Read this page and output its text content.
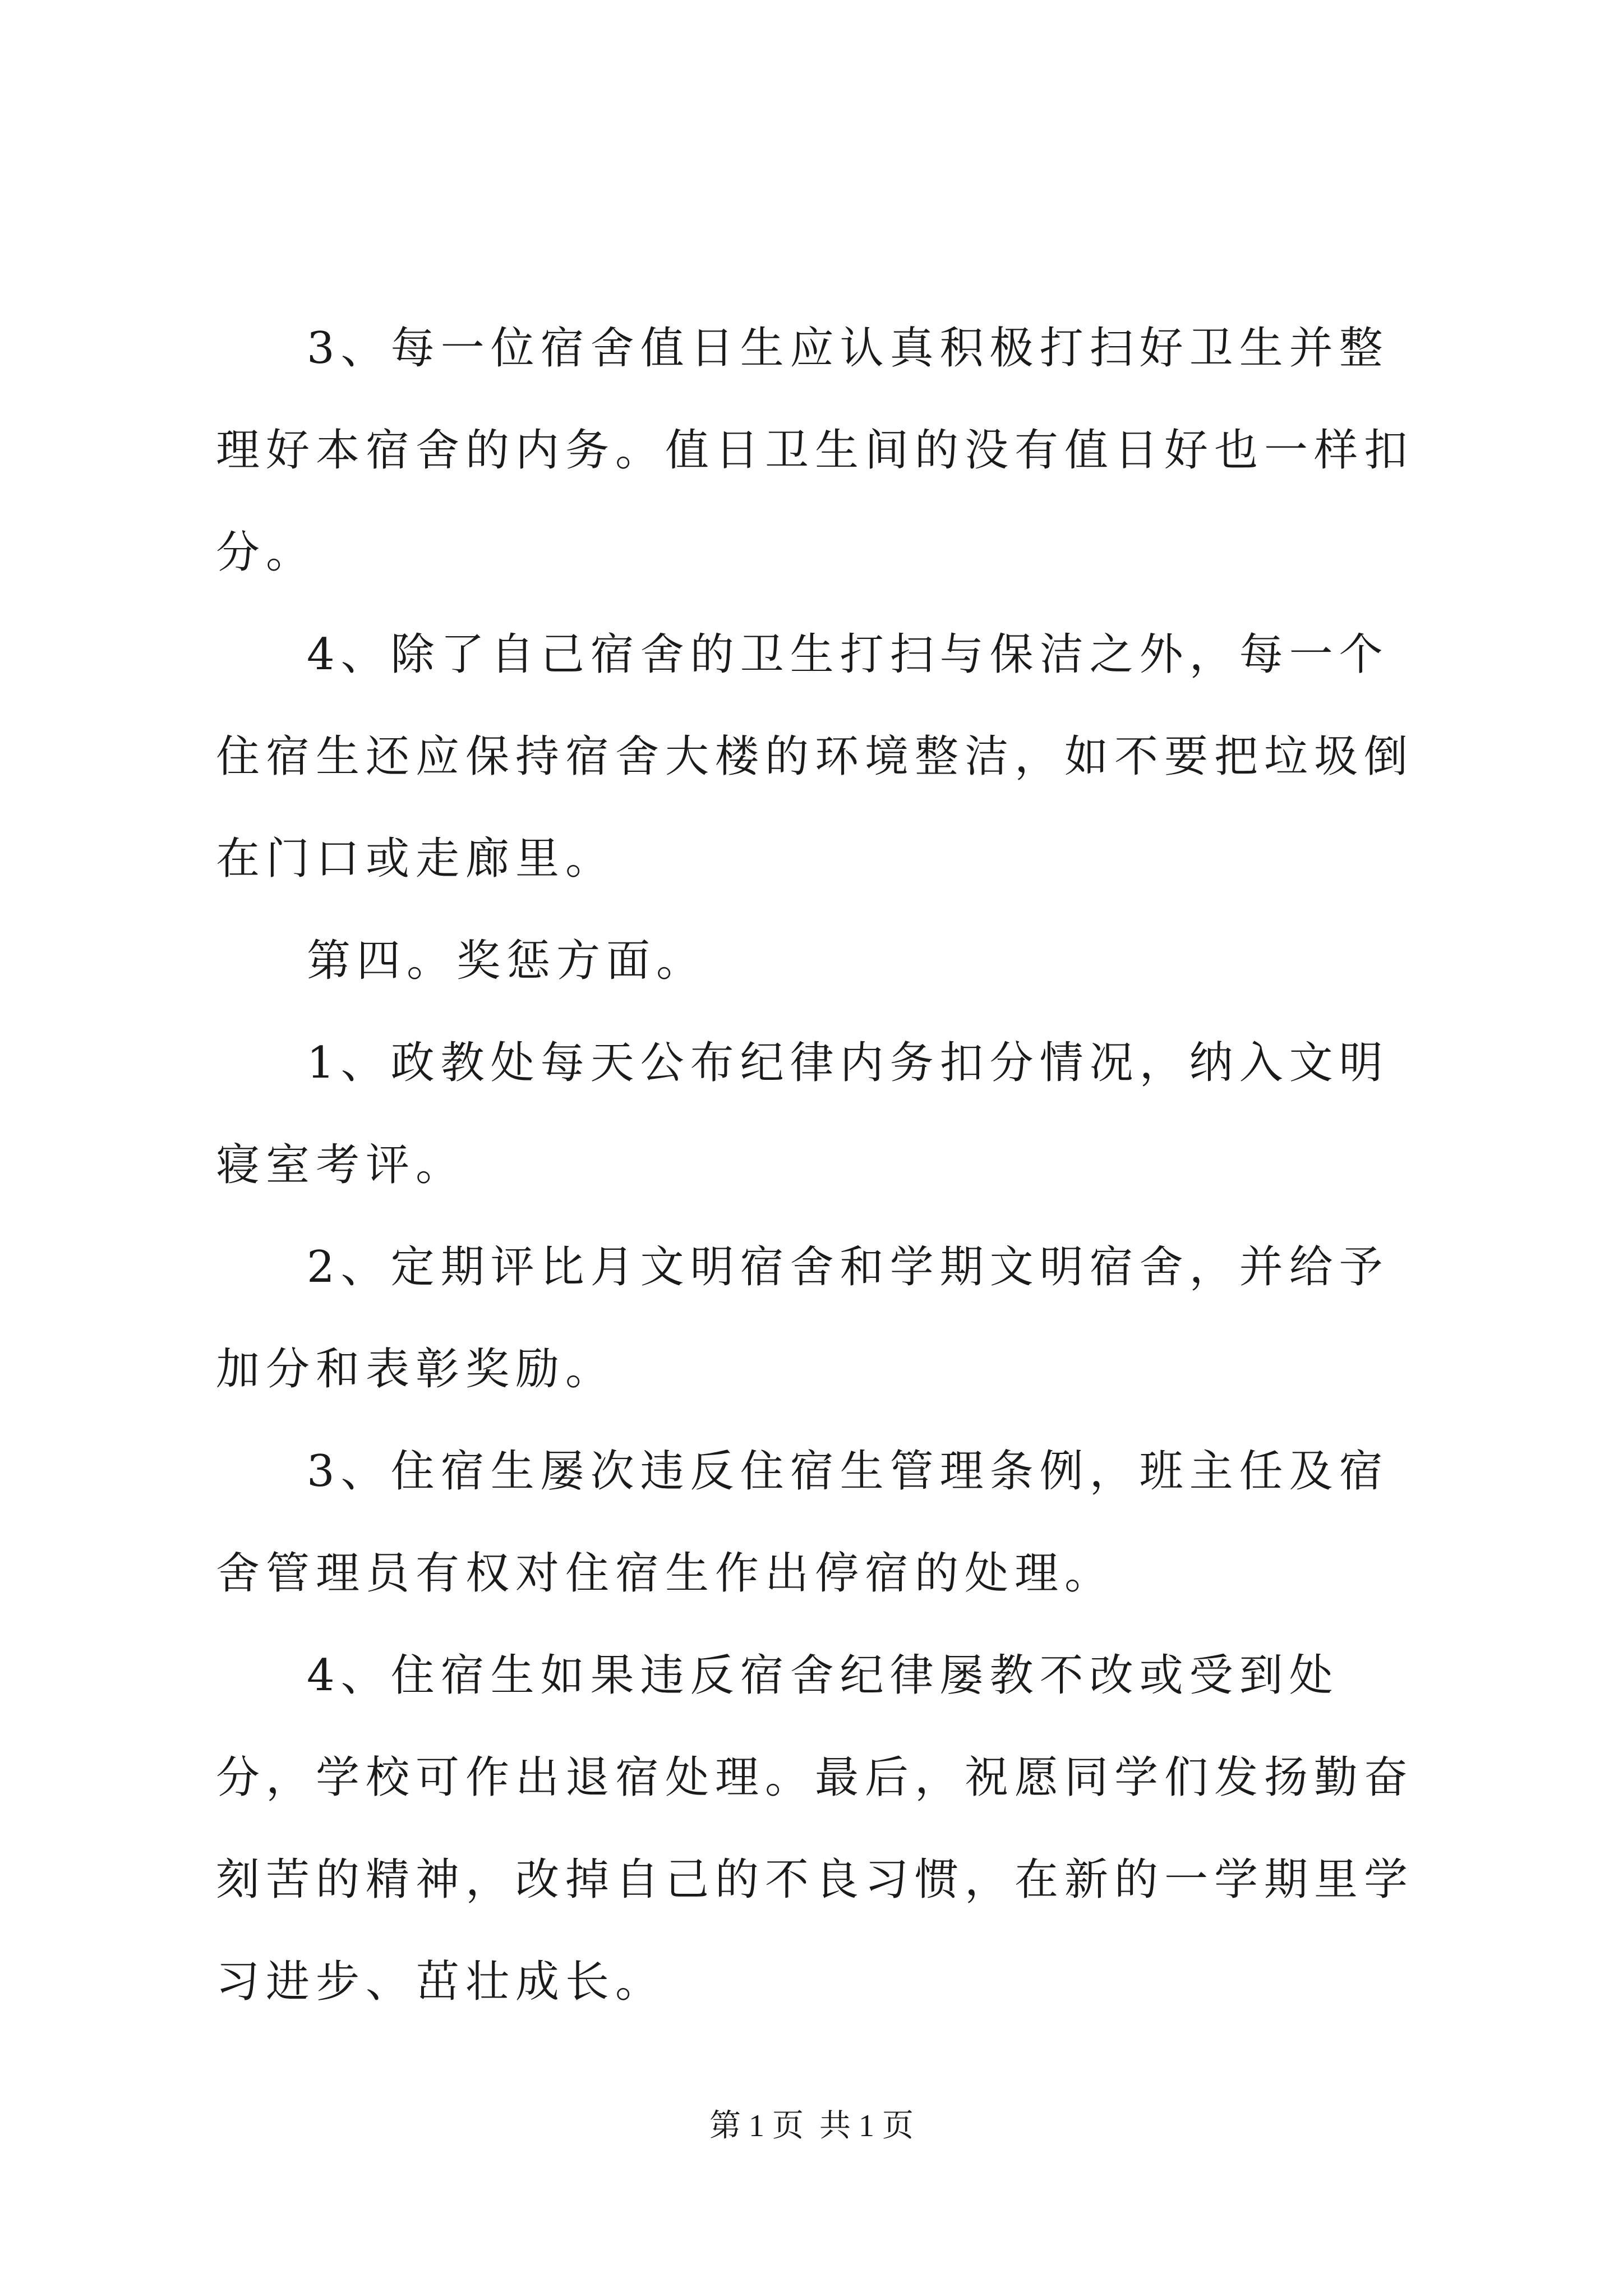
3、每一位宿舍值日生应认真积极打扫好卫生并整理好本宿舍的内务。值日卫生间的没有值日好也一样扣分。

4、除了自己宿舍的卫生打扫与保洁之外，每一个住宿生还应保持宿舍大楼的环境整洁，如不要把垃圾倒在门口或走廊里。

第四。奖惩方面。

1、政教处每天公布纪律内务扣分情况，纳入文明寝室考评。

2、定期评比月文明宿舍和学期文明宿舍，并给予加分和表彰奖励。

3、住宿生屡次违反住宿生管理条例，班主任及宿舍管理员有权对住宿生作出停宿的处理。

4、住宿生如果违反宿舍纪律屡教不改或受到处分，学校可作出退宿处理。最后，祝愿同学们发扬勤奋刻苦的精神，改掉自己的不良习惯，在新的一学期里学习进步、茁壮成长。

第 1 页  共 1 页
